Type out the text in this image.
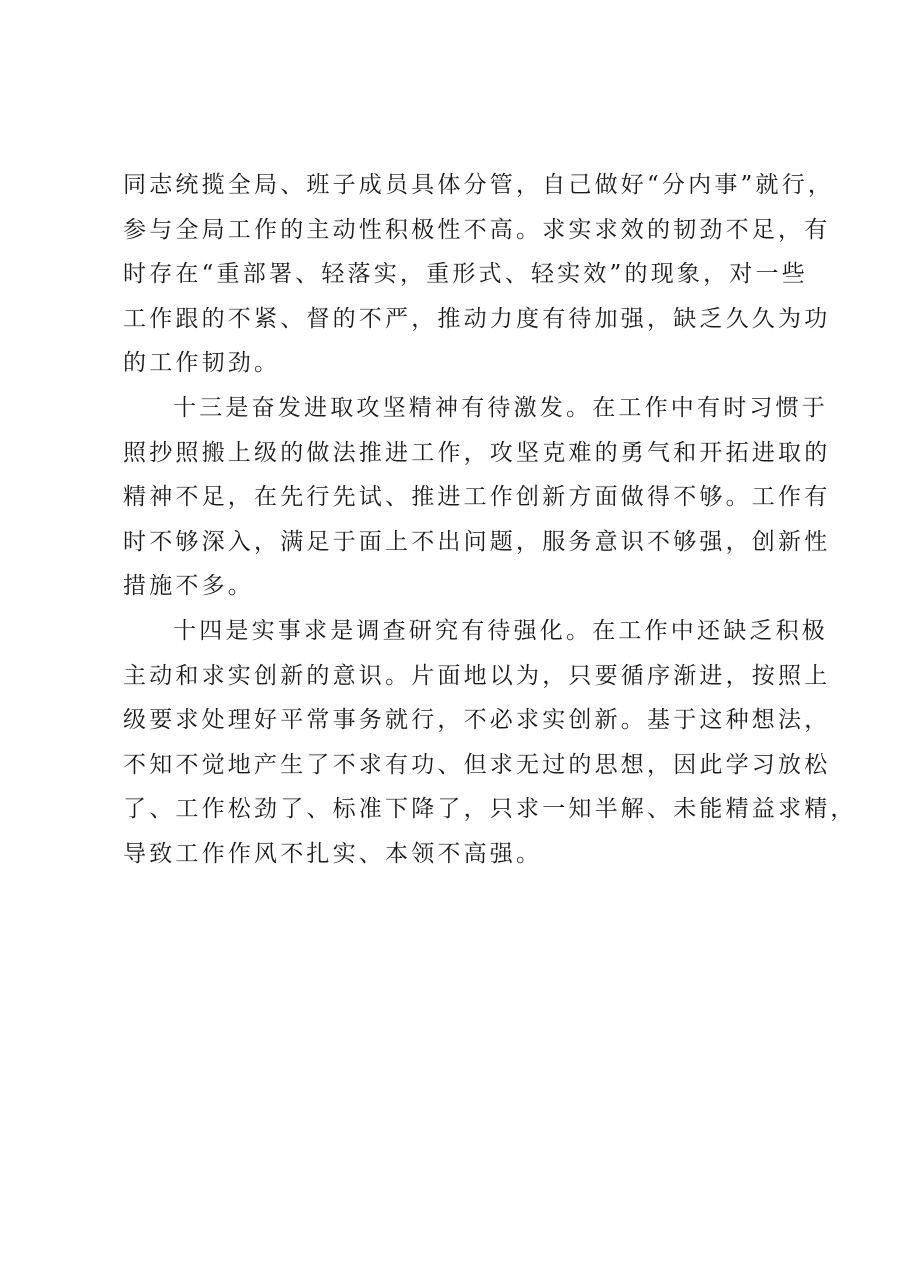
同志统揽全局、班子成员具体分管，自己做好“分内事”就行，
参与全局工作的主动性积极性不高。求实求效的韧劲不足，有
时存在“重部署、轻落实，重形式、轻实效”的现象，对一些
工作跟的不紧、督的不严，推动力度有待加强，缺乏久久为功
的工作韧劲。
十三是奋发进取攻坚精神有待激发。在工作中有时习惯于
照抄照搬上级的做法推进工作，攻坚克难的勇气和开拓进取的
精神不足，在先行先试、推进工作创新方面做得不够。工作有
时不够深入，满足于面上不出问题，服务意识不够强，创新性
措施不多。
十四是实事求是调查研究有待强化。在工作中还缺乏积极
主动和求实创新的意识。片面地以为，只要循序渐进，按照上
级要求处理好平常事务就行，不必求实创新。基于这种想法，
不知不觉地产生了不求有功、但求无过的思想，因此学习放松
了、工作松劲了、标准下降了，只求一知半解、未能精益求精，
导致工作作风不扎实、本领不高强。
